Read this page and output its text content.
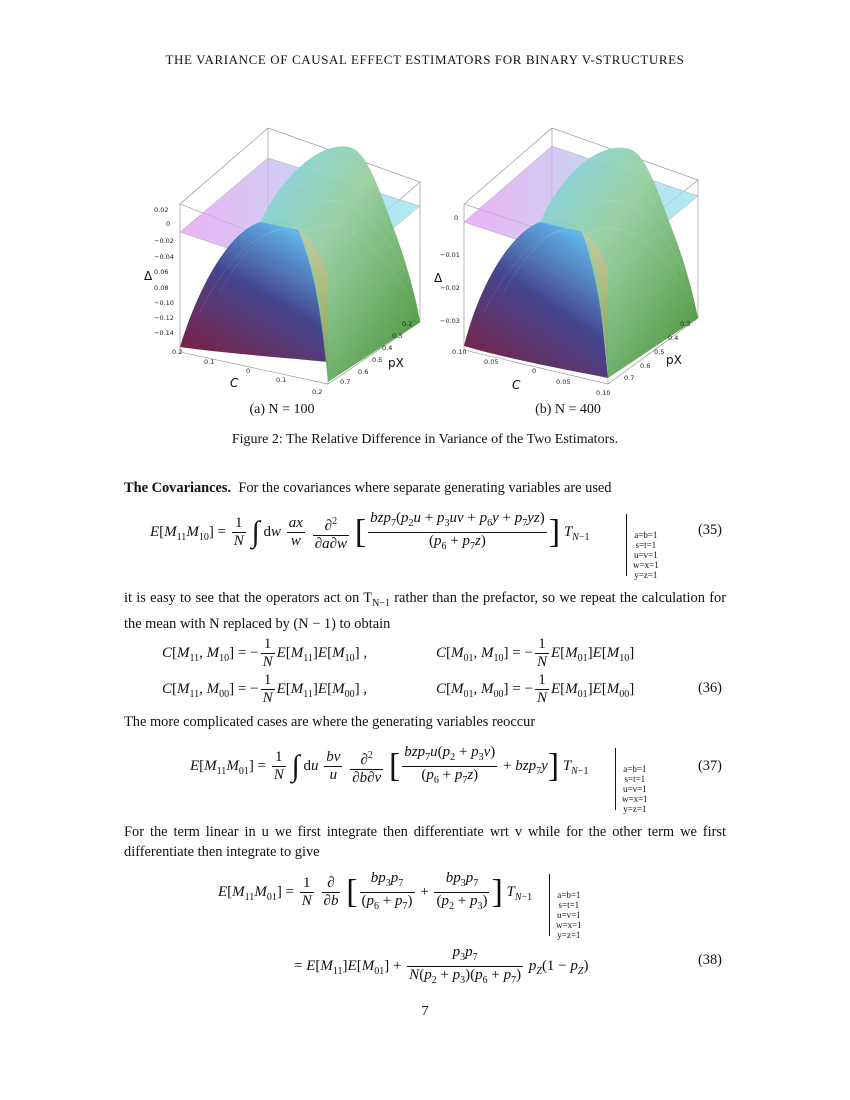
THE VARIANCE OF CAUSAL EFFECT ESTIMATORS FOR BINARY V-STRUCTURES
0.02
0
−0.02
−0.04
0.06
0.08
−0.10
−0.12
−0.14
Δ
0.2
0.1
0
0.1
0.2
C
0.2
0.3
0.4
0.5
0.6
0.7
pX
0
−0.01
−0.02
−0.03
Δ
0.10
0.05
0
0.05
0.10
C
0.3
0.4
0.5
0.6
0.7
pX
(a) N = 100	(b) N = 400
Figure 2: The Relative Difference in Variance of the Two Estimators.
The Covariances. For the covariances where separate generating variables are used
$E[M_{11}M_{10}] = \frac{1}{N}$ ∫ dw $\frac{ax}{w}$
$\frac{\partial^2}{\partial a\partial w}$ [ $\frac{bzp_7(p_2u + p_3uv + p_6y + p_7yz)}{(p_6 + p_7z)}$ ] $T_{N-1}$	a=b=1
s=t=1
u=v=1
w=x=1
y=z=1
(35)
it is easy to see that the operators act on $T_{N-1}$ rather than the prefactor, so we repeat the calculation for the mean with N replaced by (N − 1) to obtain
$C[M_{11}$, $M_{10}$] = − $\frac{1}{N} E[M_{11}]E[M_{10}]$ ,	$C[M_{01}$, $M_{10}$] = − $\frac{1}{N} E[M_{01}]E[M_{10}]$
$C[M_{11}$, $M_{00}$] = − $\frac{1}{N} E[M_{11}]E[M_{00}]$ ,	$C[M_{01}$, $M_{00}$] = − $\frac{1}{N} E[M_{01}]E[M_{00}]$	(36)
The more complicated cases are where the generating variables reoccur
$E[M_{11}M_{01}] = \frac{1}{N}$ ∫ du $\frac{bv}{u}$
$\frac{\partial^2}{\partial b\partial v}$ [ $\frac{bzp_7u(p_2 + p_3v)}{(p_6 + p_7z)} + bzp_7y$] $T_{N-1}$	a=b=1
s=t=1
u=v=1
w=x=1
y=z=1
(37)
For the term linear in u we first integrate then differentiate wrt v while for the other term we first differentiate then integrate to give
$E[M_{11}M_{01}] = \frac{1}{N}$
$\frac{\partial}{\partial b}$ [ $\frac{bp_3p_7}{(p_6 + p_7)} + \frac{bp_3p_7}{(p_2 + p_3)}$ ] $T_{N-1}$	a=b=1
s=t=1
u=v=1
w=x=1
y=z=1
= $E[M_{11}]E[M_{01}] + \frac{p_3p_7}{N(p_2 + p_3)(p_6 + p_7)} p_Z(1 - p_Z)$	(38)
7
